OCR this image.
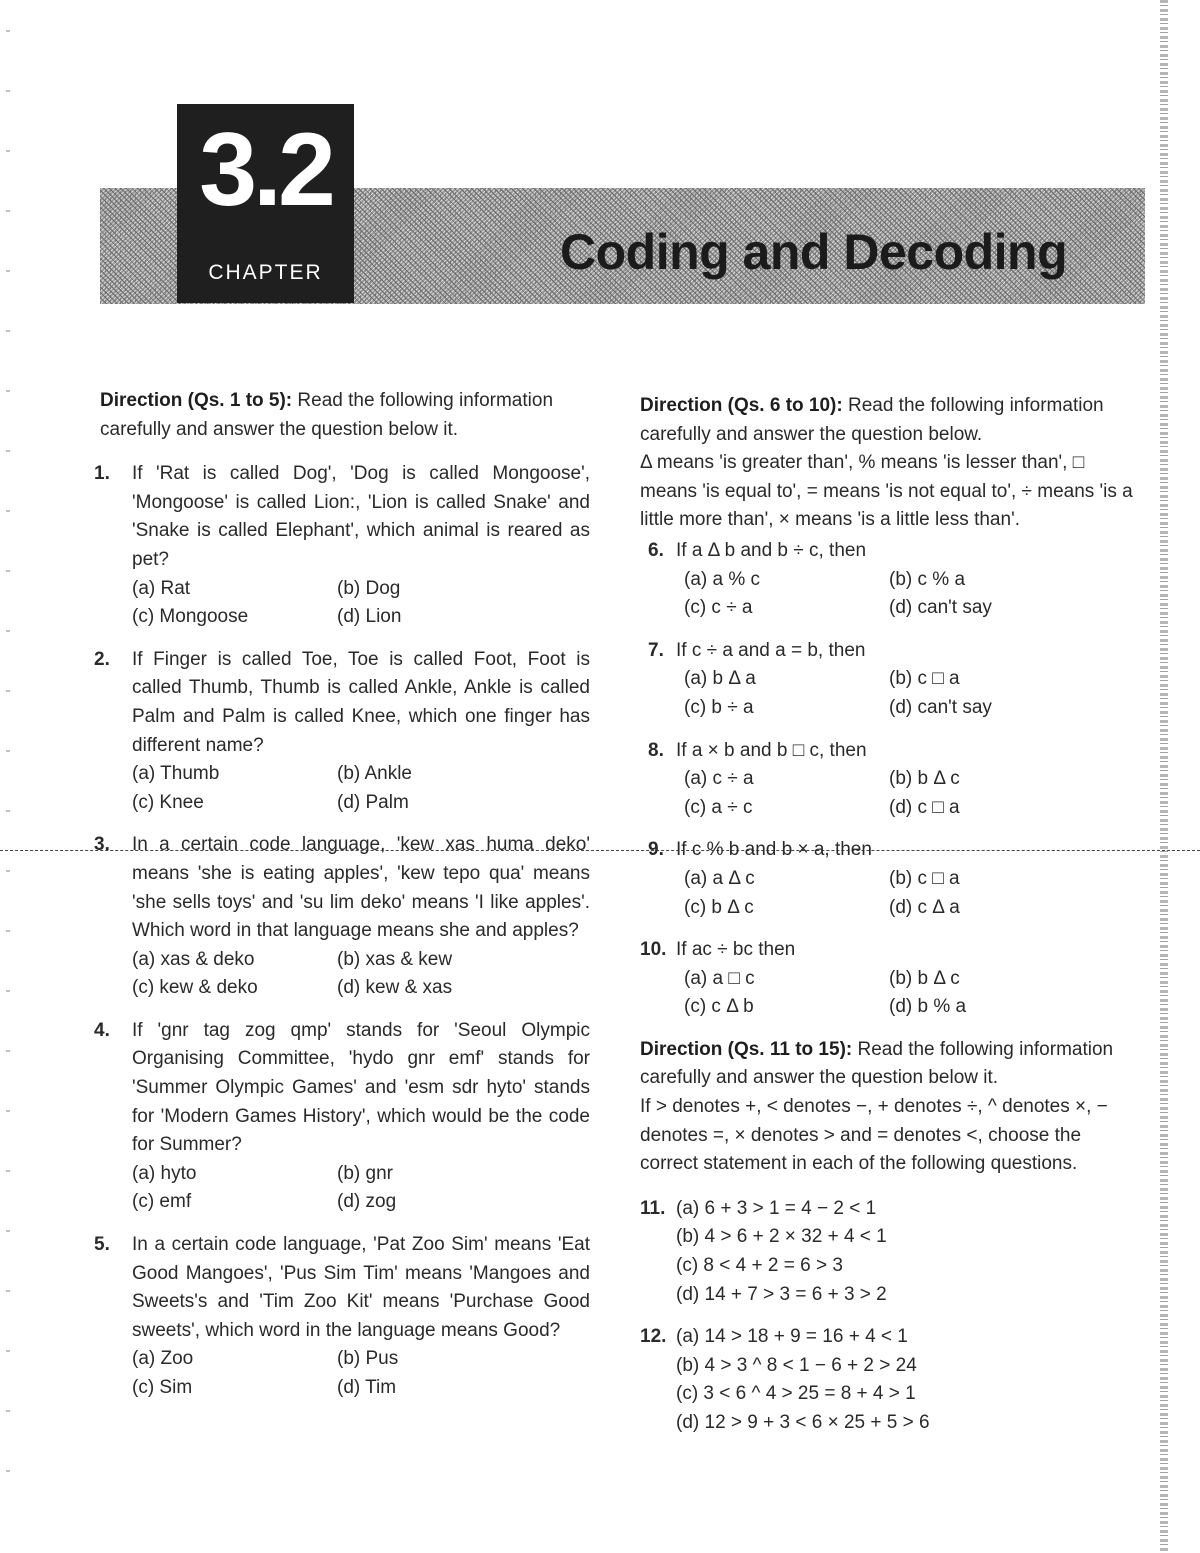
3.2
CHAPTER	Coding and Decoding

Direction (Qs. 1 to 5): Read the following information carefully and answer the question below it.

1. If 'Rat is called Dog', 'Dog is called Mongoose', 'Mongoose' is called Lion:, 'Lion is called Snake' and 'Snake is called Elephant', which animal is reared as pet?
(a) Rat	(b) Dog
(c) Mongoose	(d) Lion
2. If Finger is called Toe, Toe is called Foot, Foot is called Thumb, Thumb is called Ankle, Ankle is called Palm and Palm is called Knee, which one finger has different name?
(a) Thumb	(b) Ankle
(c) Knee	(d) Palm
3. In a certain code language, 'kew xas huma deko' means 'she is eating apples', 'kew tepo qua' means 'she sells toys' and 'su lim deko' means 'I like apples'. Which word in that language means she and apples?
(a) xas & deko	(b) xas & kew
(c) kew & deko	(d) kew & xas
4. If 'gnr tag zog qmp' stands for 'Seoul Olympic Organising Committee, 'hydo gnr emf' stands for 'Summer Olympic Games' and 'esm sdr hyto' stands for 'Modern Games History', which would be the code for Summer?
(a) hyto	(b) gnr
(c) emf	(d) zog
5. In a certain code language, 'Pat Zoo Sim' means 'Eat Good Mangoes', 'Pus Sim Tim' means 'Mangoes and Sweets's and 'Tim Zoo Kit' means 'Purchase Good sweets', which word in the language means Good?
(a) Zoo	(b) Pus
(c) Sim	(d) Tim
Direction (Qs. 6 to 10): Read the following information carefully and answer the question below.

Δ means 'is greater than', % means 'is lesser than', □ means 'is equal to', = means 'is not equal to', ÷ means 'is a little more than', × means 'is a little less than'.

6. If a Δ b and b ÷ c, then
(a) a % c	(b) c % a
(c) c ÷ a	(d) can't say
7. If c ÷ a and a = b, then
(a) b Δ a	(b) c □ a
(c) b ÷ a	(d) can't say
8. If a × b and b □ c, then
(a) c ÷ a	(b) b Δ c
(c) a ÷ c	(d) c □ a
9. If c % b and b × a, then
(a) a Δ c	(b) c □ a
(c) b Δ c	(d) c Δ a
10. If ac ÷ bc then
(a) a □ c	(b) b Δ c
(c) c Δ b	(d) b % a
Direction (Qs. 11 to 15): Read the following information carefully and answer the question below it.

If > denotes +, < denotes −, + denotes ÷, ^ denotes ×, − denotes =, × denotes > and = denotes <, choose the correct statement in each of the following questions.

11. (a) 6 + 3 > 1 = 4 − 2 < 1
(b) 4 > 6 + 2 × 32 + 4 < 1
(c) 8 < 4 + 2 = 6 > 3
(d) 14 + 7 > 3 = 6 + 3 > 2
12. (a) 14 > 18 + 9 = 16 + 4 < 1
(b) 4 > 3 ^ 8 < 1 − 6 + 2 > 24
(c) 3 < 6 ^ 4 > 25 = 8 + 4 > 1
(d) 12 > 9 + 3 < 6 × 25 + 5 > 6
